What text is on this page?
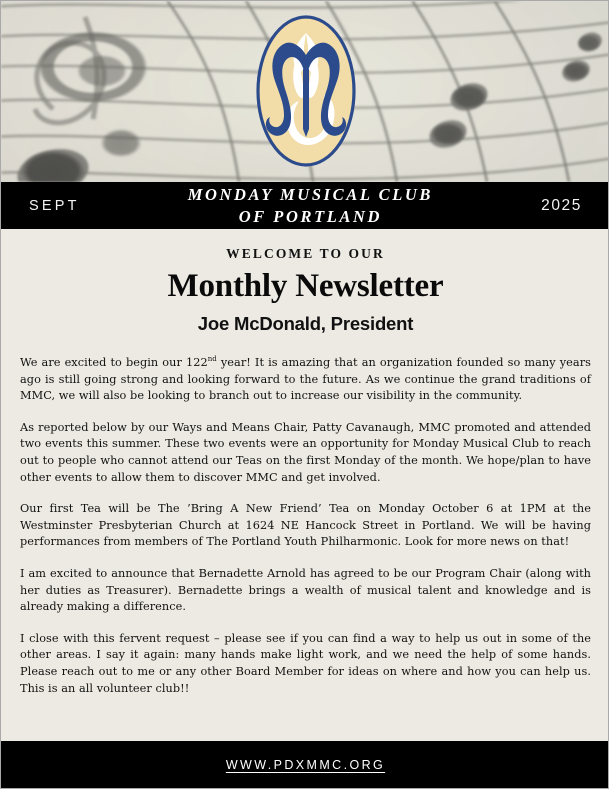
SEPT
MONDAY MUSICAL CLUB
OF PORTLAND
2025
WELCOME TO OUR
Monthly Newsletter
Joe McDonald, President

We are excited to begin our 122nd year! It is amazing that an organization founded so many years ago is still going strong and looking forward to the future. As we continue the grand traditions of MMC, we will also be looking to branch out to increase our visibility in the community.

As reported below by our Ways and Means Chair, Patty Cavanaugh, MMC promoted and attended two events this summer. These two events were an opportunity for Monday Musical Club to reach out to people who cannot attend our Teas on the first Monday of the month. We hope/plan to have other events to allow them to discover MMC and get involved.

Our first Tea will be The ’Bring A New Friend’ Tea on Monday October 6 at 1PM at the Westminster Presbyterian Church at 1624 NE Hancock Street in Portland. We will be having performances from members of The Portland Youth Philharmonic. Look for more news on that!

I am excited to announce that Bernadette Arnold has agreed to be our Program Chair (along with her duties as Treasurer). Bernadette brings a wealth of musical talent and knowledge and is already making a difference.

I close with this fervent request – please see if you can find a way to help us out in some of the other areas. I say it again: many hands make light work, and we need the help of some hands. Please reach out to me or any other Board Member for ideas on where and how you can help us. This is an all volunteer club!!

WWW.PDXMMC.ORG
